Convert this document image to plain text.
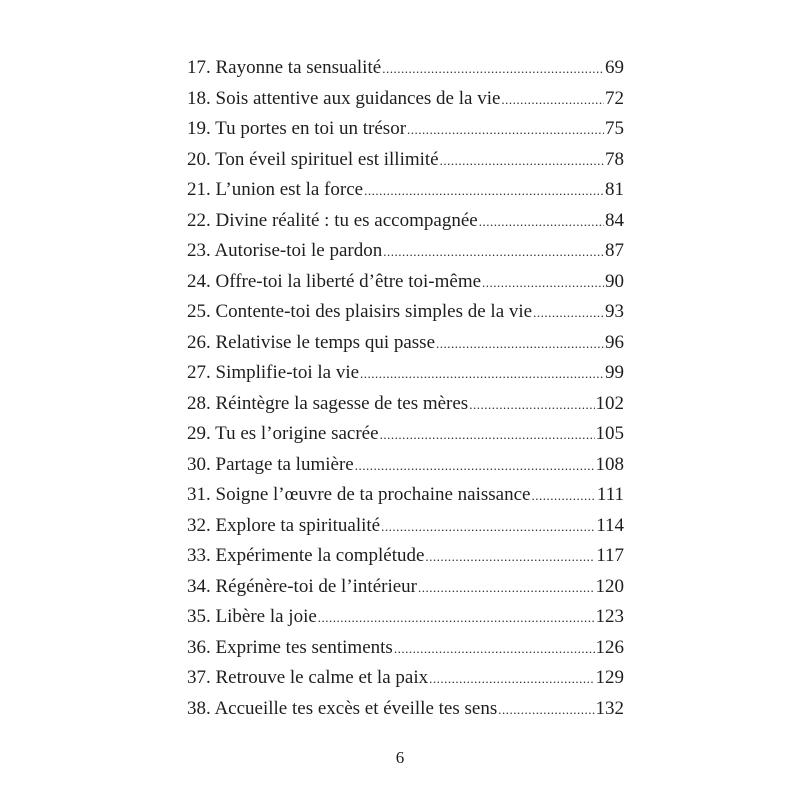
17. Rayonne ta sensualité .....	69
18. Sois attentive aux guidances de la vie .....	72
19. Tu portes en toi un trésor .....	75
20. Ton éveil spirituel est illimité .....	78
21. L’union est la force .....	81
22. Divine réalité : tu es accompagnée .....	84
23. Autorise-toi le pardon .....	87
24. Offre-toi la liberté d’être toi-même .....	90
25. Contente-toi des plaisirs simples de la vie .....	93
26. Relativise le temps qui passe .....	96
27. Simplifie-toi la vie .....	99
28. Réintègre la sagesse de tes mères .....	102
29. Tu es l’origine sacrée .....	105
30. Partage ta lumière .....	108
31. Soigne l’œuvre de ta prochaine naissance .....	111
32. Explore ta spiritualité .....	114
33. Expérimente la complétude .....	117
34. Régénère-toi de l’intérieur .....	120
35. Libère la joie .....	123
36. Exprime tes sentiments .....	126
37. Retrouve le calme et la paix .....	129
38. Accueille tes excès et éveille tes sens .....	132
6
